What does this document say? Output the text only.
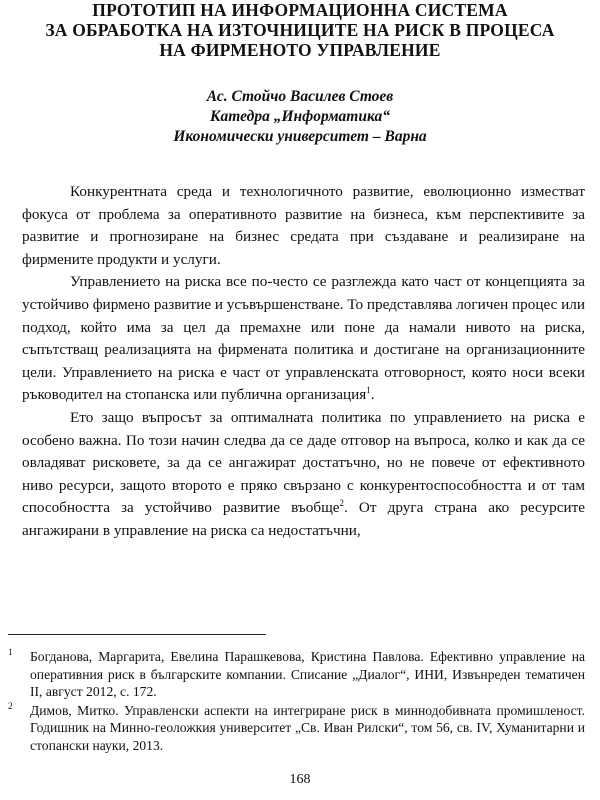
ПРОТОТИП НА ИНФОРМАЦИОННА СИСТЕМА
ЗА ОБРАБОТКА НА ИЗТОЧНИЦИТЕ НА РИСК В ПРОЦЕСА
НА ФИРМЕНОТО УПРАВЛЕНИЕ
Ас. Стойчо Василев Стоев
Катедра „Информатика“
Икономически университет – Варна

Конкурентната среда и технологичното развитие, еволюционно изместват фокуса от проблема за оперативното развитие на бизнеса, към перспективите за развитие и прогнозиране на бизнес средата при създаване и реализиране на фирмените продукти и услуги.

Управлението на риска все по-често се разглежда като част от концепцията за устойчиво фирмено развитие и усъвършенстване. То представлява логичен процес или подход, който има за цел да премахне или поне да намали нивото на риска, съпътстващ реализацията на фирмената политика и достигане на организационните цели. Управлението на риска е част от управленската отговорност, която носи всеки ръководител на стопанска или публична организация$^1$.

Ето защо въпросът за оптималната политика по управлението на риска е особено важна. По този начин следва да се даде отговор на въпроса, колко и как да се овладяват рисковете, за да се ангажират достатъчно, но не повече от ефективното ниво ресурси, защото второто е пряко свързано с конкурентоспособността и от там способността за устойчиво развитие въобще$^2$. От друга страна ако ресурсите ангажирани в управление на риска са недостатъчни,

1 Богданова, Маргарита, Евелина Парашкевова, Кристина Павлова. Ефективно управление на оперативния риск в българските компании. Списание „Диалог“, ИНИ, Извънреден тематичен II, август 2012, с. 172.
2 Димов, Митко. Управленски аспекти на интегриране риск в миннодобивната промишленост. Годишник на Минно-геоложкия университет „Св. Иван Рилски“, том 56, св. IV, Хуманитарни и стопански науки, 2013.
168
